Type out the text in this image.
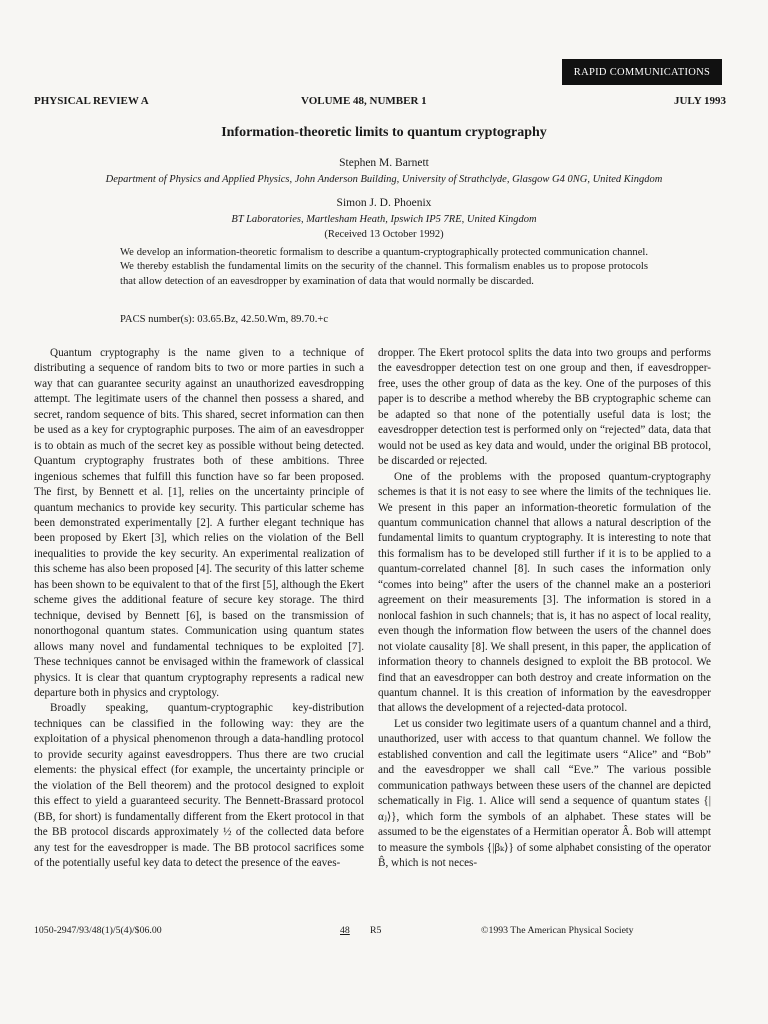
RAPID COMMUNICATIONS
PHYSICAL REVIEW A	VOLUME 48, NUMBER 1	JULY 1993
Information-theoretic limits to quantum cryptography
Stephen M. Barnett
Department of Physics and Applied Physics, John Anderson Building, University of Strathclyde, Glasgow G4 0NG, United Kingdom
Simon J. D. Phoenix
BT Laboratories, Martlesham Heath, Ipswich IP5 7RE, United Kingdom
(Received 13 October 1992)
We develop an information-theoretic formalism to describe a quantum-cryptographically protected communication channel. We thereby establish the fundamental limits on the security of the channel. This formalism enables us to propose protocols that allow detection of an eavesdropper by examination of data that would normally be discarded.
PACS number(s): 03.65.Bz, 42.50.Wm, 89.70.+c

Quantum cryptography is the name given to a technique of distributing a sequence of random bits to two or more parties in such a way that can guarantee security against an unauthorized eavesdropping attempt. The legitimate users of the channel then possess a shared, and secret, random sequence of bits. This shared, secret information can then be used as a key for cryptographic purposes. The aim of an eavesdropper is to obtain as much of the secret key as possible without being detected. Quantum cryptography frustrates both of these ambitions. Three ingenious schemes that fulfill this function have so far been proposed. The first, by Bennett et al. [1], relies on the uncertainty principle of quantum mechanics to provide key security. This particular scheme has been demonstrated experimentally [2]. A further elegant technique has been proposed by Ekert [3], which relies on the violation of the Bell inequalities to provide the key security. An experimental realization of this scheme has also been proposed [4]. The security of this latter scheme has been shown to be equivalent to that of the first [5], although the Ekert scheme gives the additional feature of secure key storage. The third technique, devised by Bennett [6], is based on the transmission of nonorthogonal quantum states. Communication using quantum states allows many novel and fundamental techniques to be exploited [7]. These techniques cannot be envisaged within the framework of classical physics. It is clear that quantum cryptography represents a radical new departure both in physics and cryptology.

Broadly speaking, quantum-cryptographic key-distribution techniques can be classified in the following way: they are the exploitation of a physical phenomenon through a data-handling protocol to provide security against eavesdroppers. Thus there are two crucial elements: the physical effect (for example, the uncertainty principle or the violation of the Bell theorem) and the protocol designed to exploit this effect to yield a guaranteed security. The Bennett-Brassard protocol (BB, for short) is fundamentally different from the Ekert protocol in that the BB protocol discards approximately ½ of the collected data before any test for the eavesdropper is made. The BB protocol sacrifices some of the potentially useful key data to detect the presence of the eaves-

dropper. The Ekert protocol splits the data into two groups and performs the eavesdropper detection test on one group and then, if eavesdropper-free, uses the other group of data as the key. One of the purposes of this paper is to describe a method whereby the BB cryptographic scheme can be adapted so that none of the potentially useful data is lost; the eavesdropper detection test is performed only on “rejected” data, data that would not be used as key data and would, under the original BB protocol, be discarded or rejected.

One of the problems with the proposed quantum-cryptography schemes is that it is not easy to see where the limits of the techniques lie. We present in this paper an information-theoretic formulation of the quantum communication channel that allows a natural description of the fundamental limits to quantum cryptography. It is interesting to note that this formalism has to be developed still further if it is to be applied to a quantum-correlated channel [8]. In such cases the information only “comes into being” after the users of the channel make an a posteriori agreement on their measurements [3]. The information is stored in a nonlocal fashion in such channels; that is, it has no aspect of local reality, even though the information flow between the users of the channel does not violate causality [8]. We shall present, in this paper, the application of information theory to channels designed to exploit the BB protocol. We find that an eavesdropper can both destroy and create information on the quantum channel. It is this creation of information by the eavesdropper that allows the development of a rejected-data protocol.

Let us consider two legitimate users of a quantum channel and a third, unauthorized, user with access to that quantum channel. We follow the established convention and call the legitimate users “Alice” and “Bob” and the eavesdropper we shall call “Eve.” The various possible communication pathways between these users of the channel are depicted schematically in Fig. 1. Alice will send a sequence of quantum states {|αⱼ⟩}, which form the symbols of an alphabet. These states will be assumed to be the eigenstates of a Hermitian operator Â. Bob will attempt to measure the symbols {|βₖ⟩} of some alphabet consisting of the operator B̂, which is not neces-

1050-2947/93/48(1)/5(4)/$06.00	48 R5	©1993 The American Physical Society
